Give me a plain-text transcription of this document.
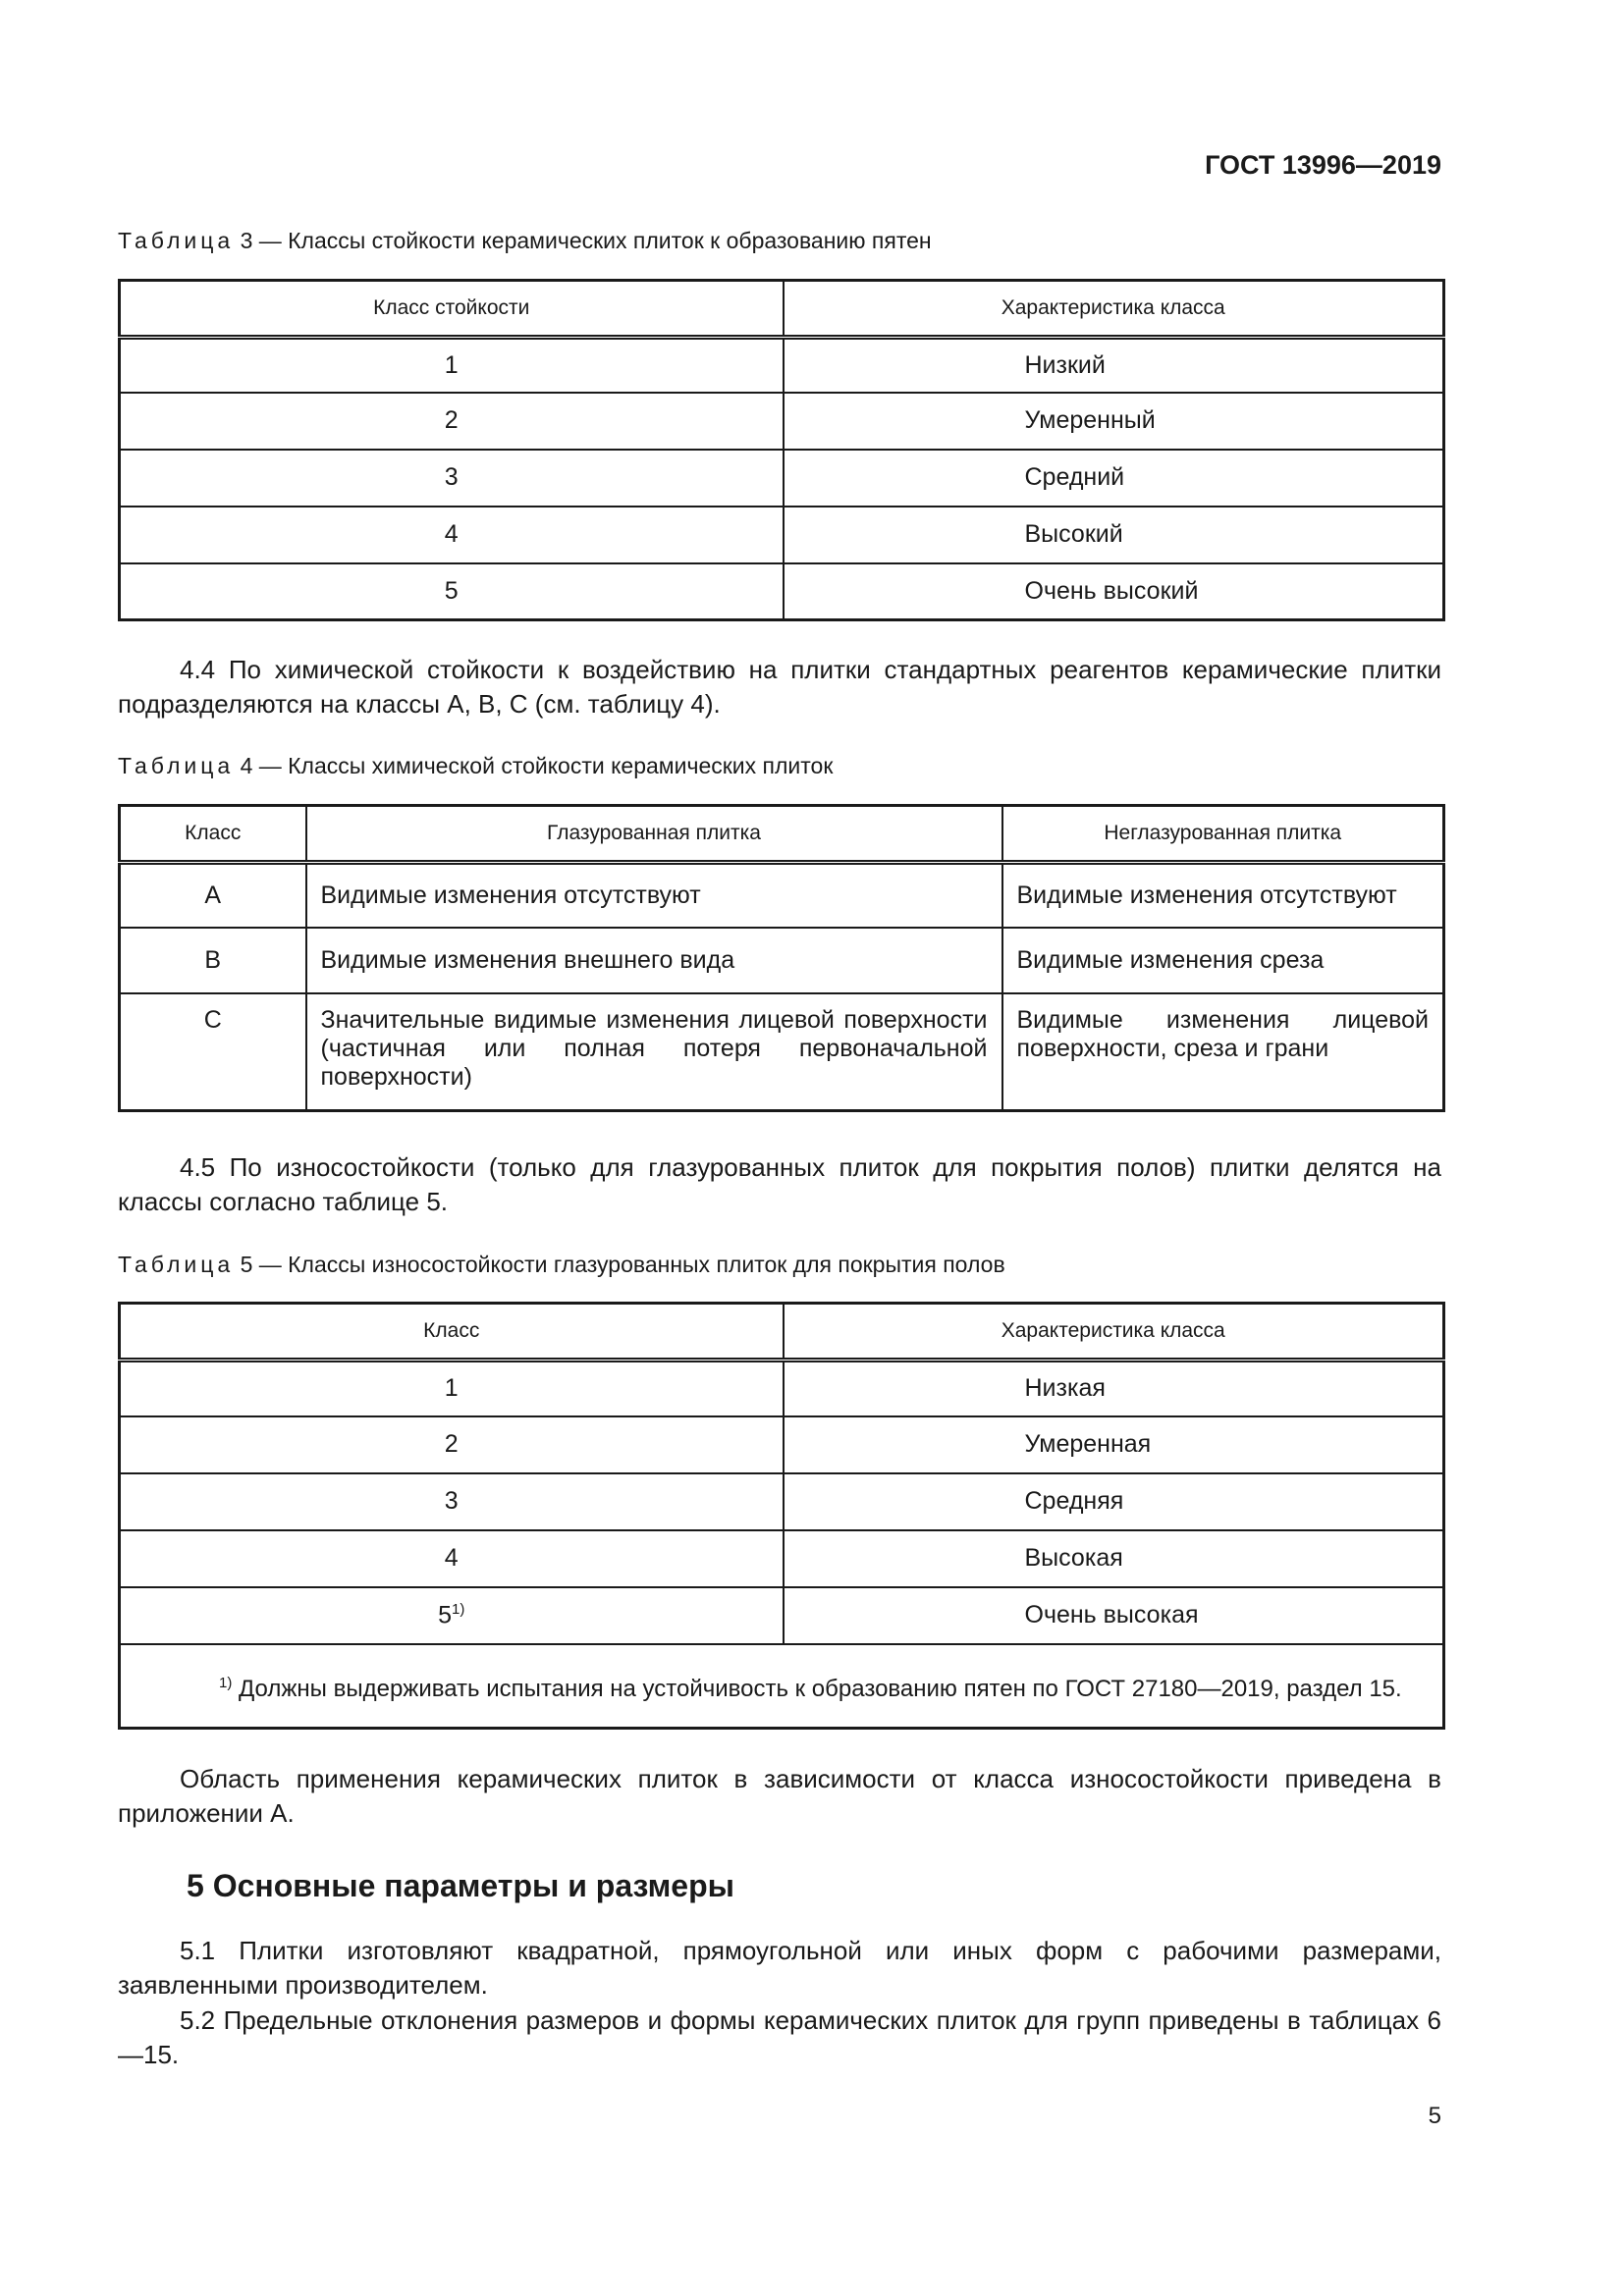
ГОСТ 13996—2019
Таблица 3 — Классы стойкости керамических плиток к образованию пятен
Класс стойкости	Характеристика класса
1	Низкий
2	Умеренный
3	Средний
4	Высокий
5	Очень высокий
4.4 По химической стойкости к воздействию на плитки стандартных реагентов керамические плитки подразделяются на классы А, В, С (см. таблицу 4).
Таблица 4 — Классы химической стойкости керамических плиток
Класс	Глазурованная плитка	Неглазурованная плитка
А	Видимые изменения отсутствуют	Видимые изменения отсутствуют
В	Видимые изменения внешнего вида	Видимые изменения среза
С	Значительные видимые изменения лицевой поверхности (частичная или полная потеря первоначальной поверхности)	Видимые изменения лицевой поверхности, среза и грани
4.5 По износостойкости (только для глазурованных плиток для покрытия полов) плитки делятся на классы согласно таблице 5.
Таблица 5 — Классы износостойкости глазурованных плиток для покрытия полов
Класс	Характеристика класса
1	Низкая
2	Умеренная
3	Средняя
4	Высокая
5$^{1)}$	Очень высокая
$^{1)}$ Должны выдерживать испытания на устойчивость к образованию пятен по ГОСТ 27180—2019, раздел 15.	
Область применения керамических плиток в зависимости от класса износостойкости приведена в приложении А.
5 Основные параметры и размеры
5.1 Плитки изготовляют квадратной, прямоугольной или иных форм с рабочими размерами, заявленными производителем.
5.2 Предельные отклонения размеров и формы керамических плиток для групп приведены в таблицах 6—15.
5
